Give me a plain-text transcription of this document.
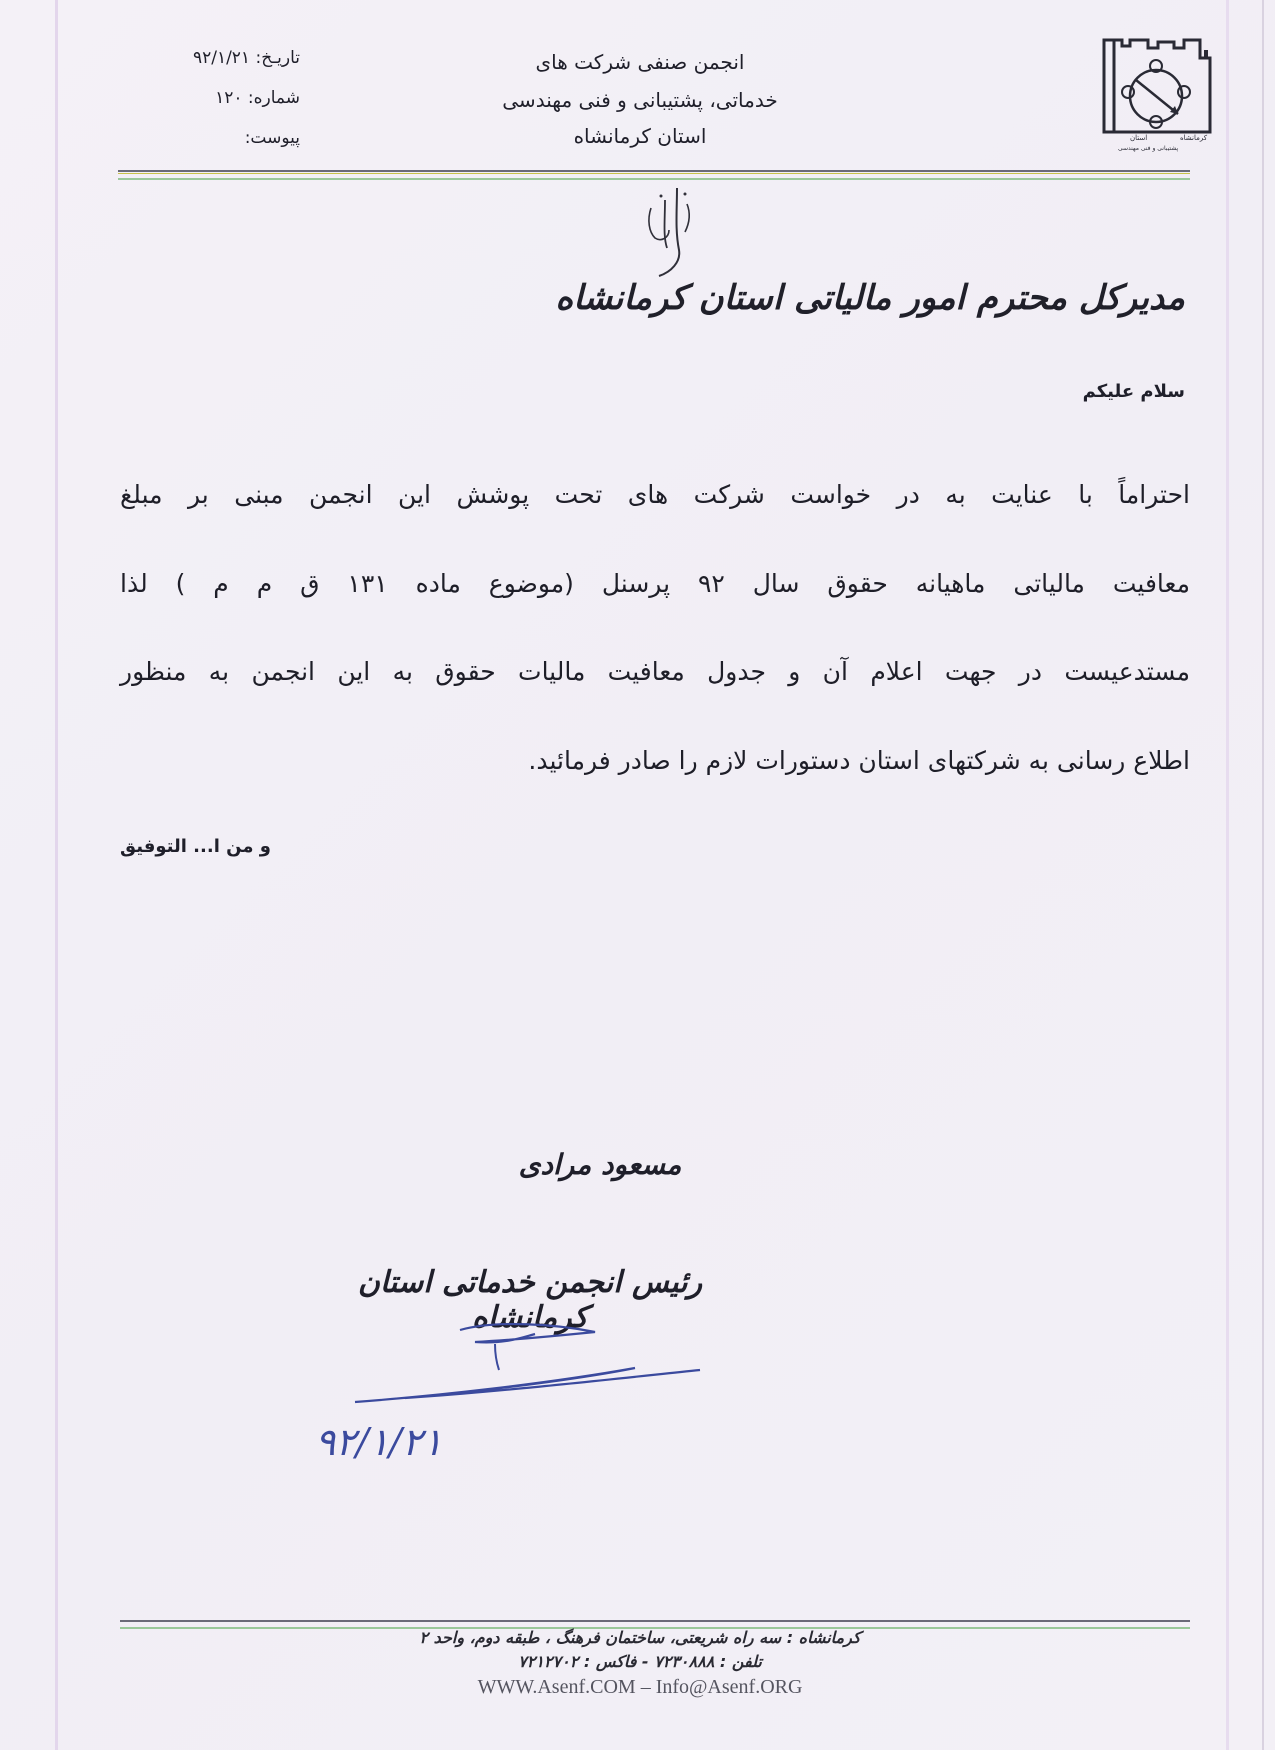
کرمانشاه
استان
پشتیبانی و فنی مهندسی
انجمن صنفی شرکت های
خدماتی، پشتیبانی و فنی مهندسی
استان کرمانشاه
تاریـخ: ۹۲/۱/۲۱
شماره: ۱۲۰
پیوست:
مدیرکل محترم امور مالیاتی استان کرمانشاه
سلام علیکم
احتراماً با عنایت به در خواست شرکت های تحت پوشش این انجمن مبنی بر مبلغ
معافیت مالیاتی ماهیانه حقوق سال ۹۲ پرسنل (موضوع ماده ۱۳۱ ق م م ) لذا
مستدعیست در جهت اعلام آن و جدول معافیت مالیات حقوق به این انجمن به منظور
اطلاع رسانی به شرکتهای استان دستورات لازم را صادر فرمائید.
و من ا... التوفیق
مسعود مرادی
رئیس انجمن خدماتی استان کرمانشاه
۹۲/۱/۲۱
کرمانشاه : سه راه شریعتی، ساختمان فرهنگ ، طبقه دوم، واحد ۲
تلفن : ۷۲۳۰۸۸۸ - فاکس : ۷۲۱۲۷۰۲
WWW.Asenf.COM – Info@Asenf.ORG
